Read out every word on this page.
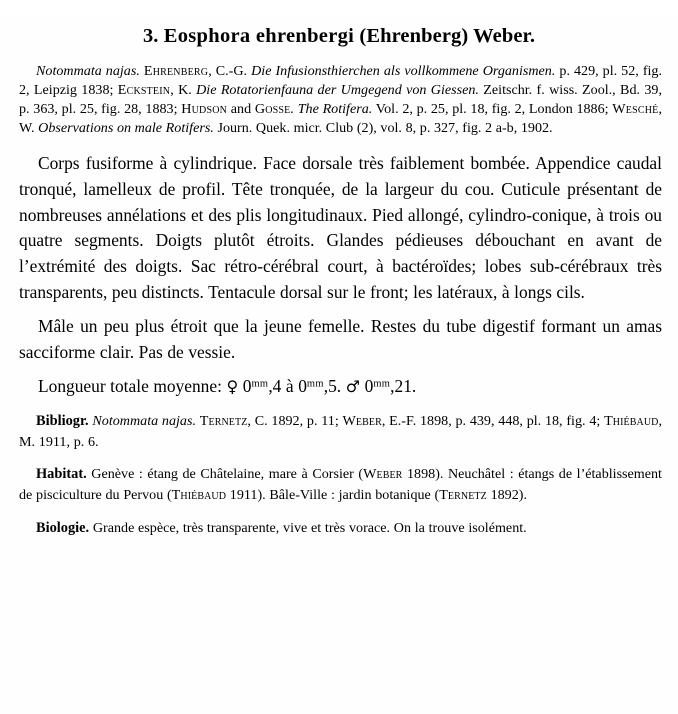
3. Eosphora ehrenbergi (Ehrenberg) Weber.

Notommata najas. Ehrenberg, C.-G. Die Infusionsthierchen als vollkommene Organismen. p. 429, pl. 52, fig. 2, Leipzig 1838; Eckstein, K. Die Rotatorienfauna der Umgegend von Giessen. Zeitschr. f. wiss. Zool., Bd. 39, p. 363, pl. 25, fig. 28, 1883; Hudson and Gosse. The Rotifera. Vol. 2, p. 25, pl. 18, fig. 2, London 1886; Wesché, W. Observations on male Rotifers. Journ. Quek. micr. Club (2), vol. 8, p. 327, fig. 2 a-b, 1902.

Corps fusiforme à cylindrique. Face dorsale très faiblement bombée. Appendice caudal tronqué, lamelleux de profil. Tête tronquée, de la largeur du cou. Cuticule présentant de nombreuses annélations et des plis longitudinaux. Pied allongé, cylindro-conique, à trois ou quatre segments. Doigts plutôt étroits. Glandes pédieuses débouchant en avant de l’extrémité des doigts. Sac rétro-cérébral court, à bactéroïdes; lobes sub-cérébraux très transparents, peu distincts. Tentacule dorsal sur le front; les latéraux, à longs cils.

Mâle un peu plus étroit que la jeune femelle. Restes du tube digestif formant un amas sacciforme clair. Pas de vessie.

Longueur totale moyenne: ♀ $0^{mm},4$ à $0^{mm},5$. ♂ $0^{mm},21$.

Bibliogr. Notommata najas. Ternetz, C. 1892, p. 11; Weber, E.-F. 1898, p. 439, 448, pl. 18, fig. 4; Thiébaud, M. 1911, p. 6.

Habitat. Genève : étang de Châtelaine, mare à Corsier (Weber 1898). Neuchâtel : étangs de l’établissement de pisciculture du Pervou (Thiébaud 1911). Bâle-Ville : jardin botanique (Ternetz 1892).

Biologie. Grande espèce, très transparente, vive et très vorace. On la trouve isolément.
